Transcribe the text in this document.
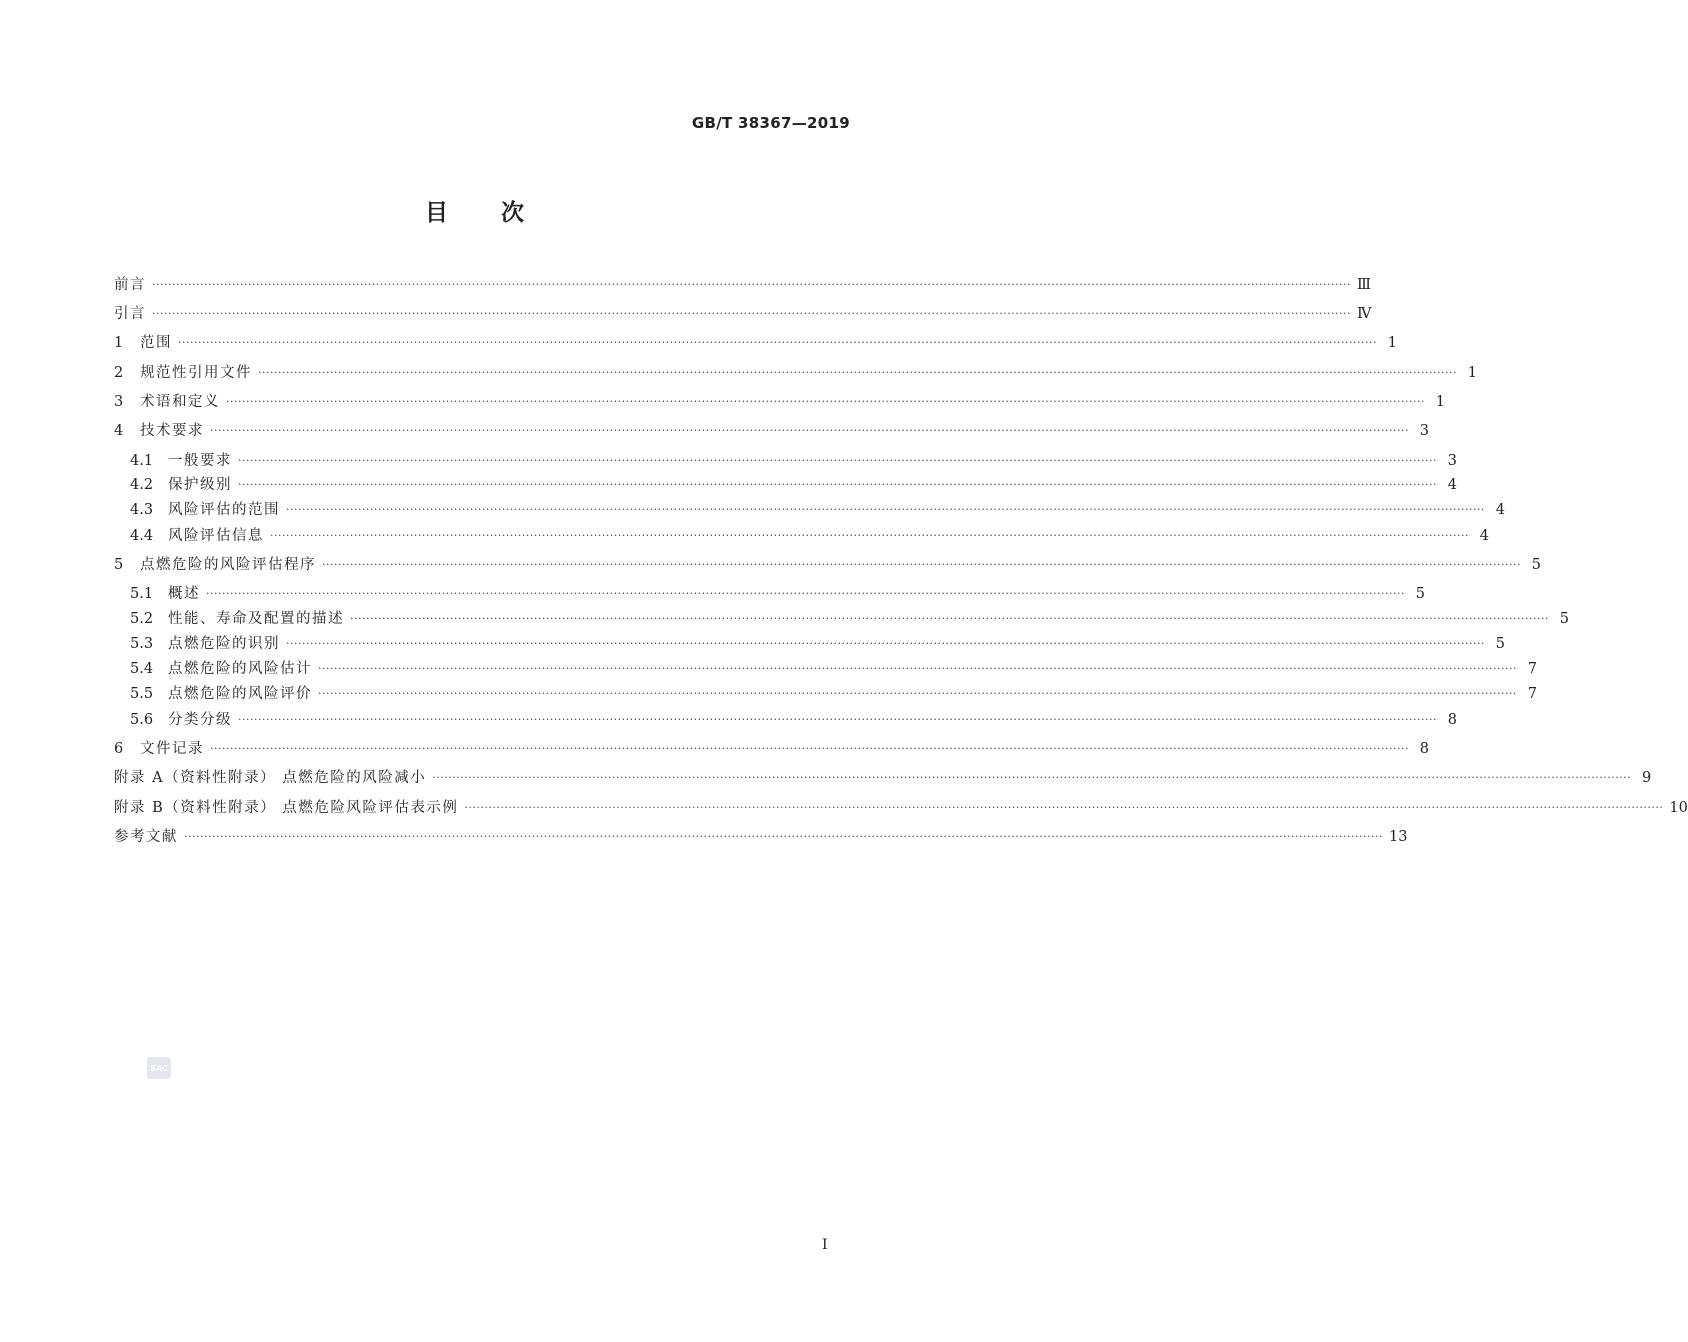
GB/T 38367—2019
目 次
前言 ············································································································································································································································································································ Ⅲ
引言 ············································································································································································································································································································ Ⅳ
1	范围 ············································································································································································································································································································ 1
2	规范性引用文件 ············································································································································································································································································································ 1
3	术语和定义 ············································································································································································································································································································ 1
4	技术要求 ············································································································································································································································································································ 3
4.1	一般要求 ············································································································································································································································································································ 3
4.2	保护级别 ············································································································································································································································································································ 4
4.3	风险评估的范围 ············································································································································································································································································································ 4
4.4	风险评估信息 ············································································································································································································································································································ 4
5	点燃危险的风险评估程序 ············································································································································································································································································································ 5
5.1	概述 ············································································································································································································································································································ 5
5.2	性能、寿命及配置的描述 ············································································································································································································································································································ 5
5.3	点燃危险的识别 ············································································································································································································································································································ 5
5.4	点燃危险的风险估计 ············································································································································································································································································································ 7
5.5	点燃危险的风险评价 ············································································································································································································································································································ 7
5.6	分类分级 ············································································································································································································································································································ 8
6	文件记录 ············································································································································································································································································································ 8
附录 A（资料性附录） 点燃危险的风险减小 ············································································································································································································································································································ 9
附录 B（资料性附录） 点燃危险风险评估表示例 ············································································································································································································································································································ 10
参考文献 ············································································································································································································································································································ 13
SAC
Ⅰ
